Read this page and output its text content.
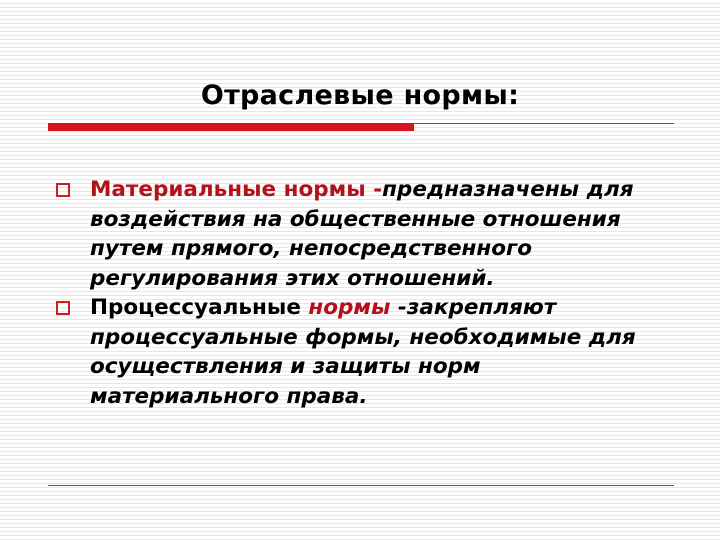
Отраслевые нормы:
Материальные нормы -предназначены для воздействия на общественные отношения путем прямого, непосредственного регулирования этих отношений.
Процессуальные нормы -закрепляют процессуальные формы, необходимые для осуществления и защиты норм материального права.
